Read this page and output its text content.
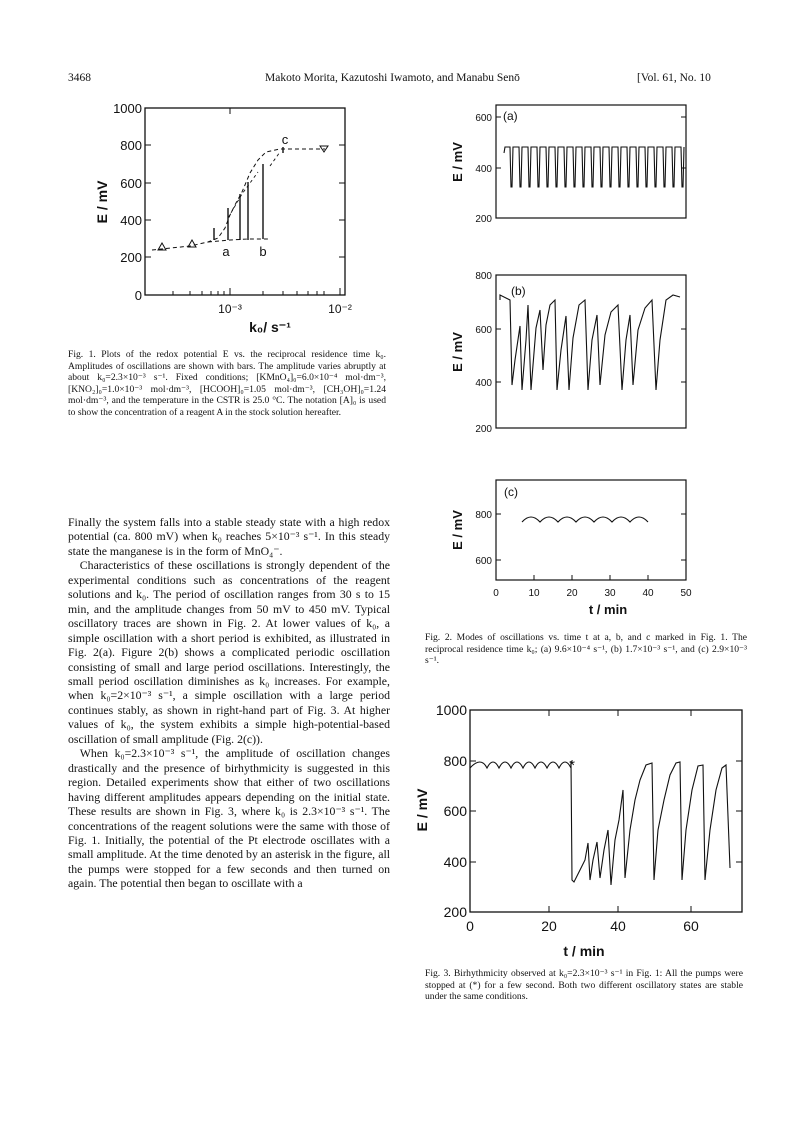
3468	Makoto Morita, Kazutoshi Iwamoto, and Manabu Senō	[Vol. 61, No. 10
1000
800
600
400
200
0
10⁻³	10⁻²
k₀/ s⁻¹
E / mV
a b
c
Fig. 1. Plots of the redox potential E vs. the reciprocal residence time k₀. Amplitudes of oscillations are shown with bars. The amplitude varies abruptly at about k₀=2.3×10⁻³ s⁻¹. Fixed conditions; [KMnO₄]₀=6.0×10⁻⁴ mol·dm⁻³, [KNO₂]₀=1.0×10⁻³ mol·dm⁻³, [HCOOH]₀=1.05 mol·dm⁻³, [CH₃OH]₀=1.24 mol·dm⁻³, and the temperature in the CSTR is 25.0 °C. The notation [A]₀ is used to show the concentration of a reagent A in the stock solution hereafter.

Finally the system falls into a stable steady state with a high redox potential (ca. 800 mV) when k₀ reaches 5×10⁻³ s⁻¹. In this steady state the manganese is in the form of MnO₄⁻.

Characteristics of these oscillations is strongly dependent of the experimental conditions such as concentrations of the reagent solutions and k₀. The period of oscillation ranges from 30 s to 15 min, and the amplitude changes from 50 mV to 450 mV. Typical oscillatory traces are shown in Fig. 2. At lower values of k₀, a simple oscillation with a short period is exhibited, as illustrated in Fig. 2(a). Figure 2(b) shows a complicated periodic oscillation consisting of small and large period oscillations. Interestingly, the small period oscillation diminishes as k₀ increases. For example, when k₀=2×10⁻³ s⁻¹, a simple oscillation with a large period continues stably, as shown in right-hand part of Fig. 3. At higher values of k₀, the system exhibits a simple high-potential-based oscillation of small amplitude (Fig. 2(c)).

When k₀=2.3×10⁻³ s⁻¹, the amplitude of oscillation changes drastically and the presence of birhythmicity is suggested in this region. Detailed experiments show that either of two oscillations having different amplitudes appears depending on the initial state. These results are shown in Fig. 3, where k₀ is 2.3×10⁻³ s⁻¹. The concentrations of the reagent solutions were the same with those of Fig. 1. Initially, the potential of the Pt electrode oscillates with a small amplitude. At the time denoted by an asterisk in the figure, all the pumps were stopped for a few seconds and then turned on again. The potential then began to oscillate with a

600
400
200
(a)
E / mV
800
600
400
200
(b)
E / mV
800
600
(c)
E / mV
0	10	20	30	40	50
t / min
Fig. 2. Modes of oscillations vs. time t at a, b, and c marked in Fig. 1. The reciprocal residence time k₀; (a) 9.6×10⁻⁴ s⁻¹, (b) 1.7×10⁻³ s⁻¹, and (c) 2.9×10⁻³ s⁻¹.
1000
800
600
400
200
0	20	40	60
t / min
E / mV
*
Fig. 3. Birhythmicity observed at k₀=2.3×10⁻³ s⁻¹ in Fig. 1: All the pumps were stopped at (*) for a few second. Both two different oscillatory states are stable under the same conditions.
